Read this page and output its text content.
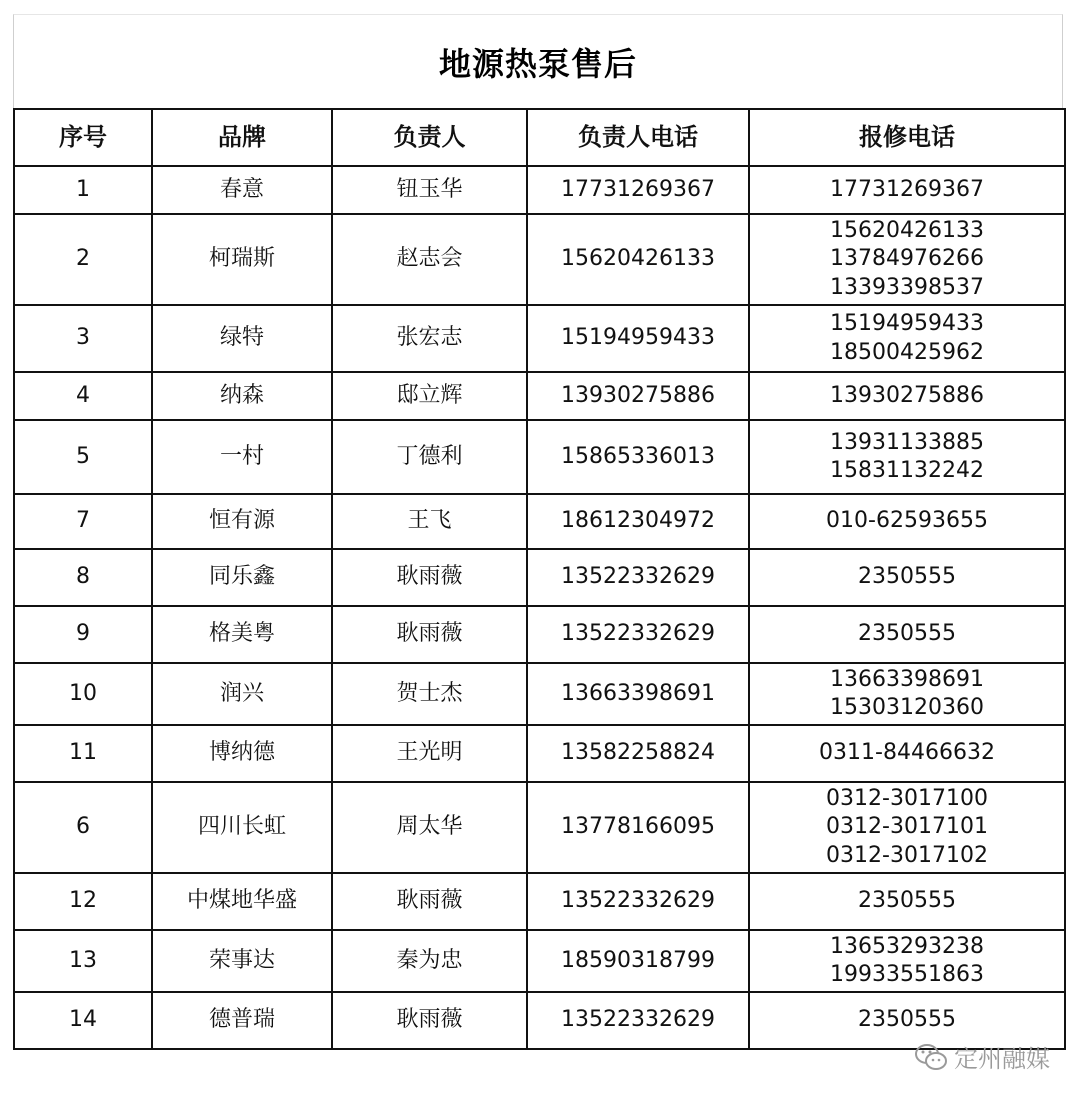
地源热泵售后
序号	品牌	负责人	负责人电话	报修电话
1	春意	钮玉华	17731269367	17731269367

2	柯瑞斯	赵志会	15620426133	15620426133
13784976266
13393398537

3	绿特	张宏志	15194959433	15194959433
18500425962

4	纳森	邸立辉	13930275886	13930275886

5	一村	丁德利	15865336013	13931133885
15831132242

7	恒有源	王飞	18612304972	010-62593655

8	同乐鑫	耿雨薇	13522332629	2350555

9	格美粤	耿雨薇	13522332629	2350555

10	润兴	贺士杰	13663398691	13663398691
15303120360

11	博纳德	王光明	13582258824	0311-84466632

6	四川长虹	周太华	13778166095	0312-3017100
0312-3017101
0312-3017102

12	中煤地华盛	耿雨薇	13522332629	2350555

13	荣事达	秦为忠	18590318799	13653293238
19933551863

14	德普瑞	耿雨薇	13522332629	2350555
定州融媒
